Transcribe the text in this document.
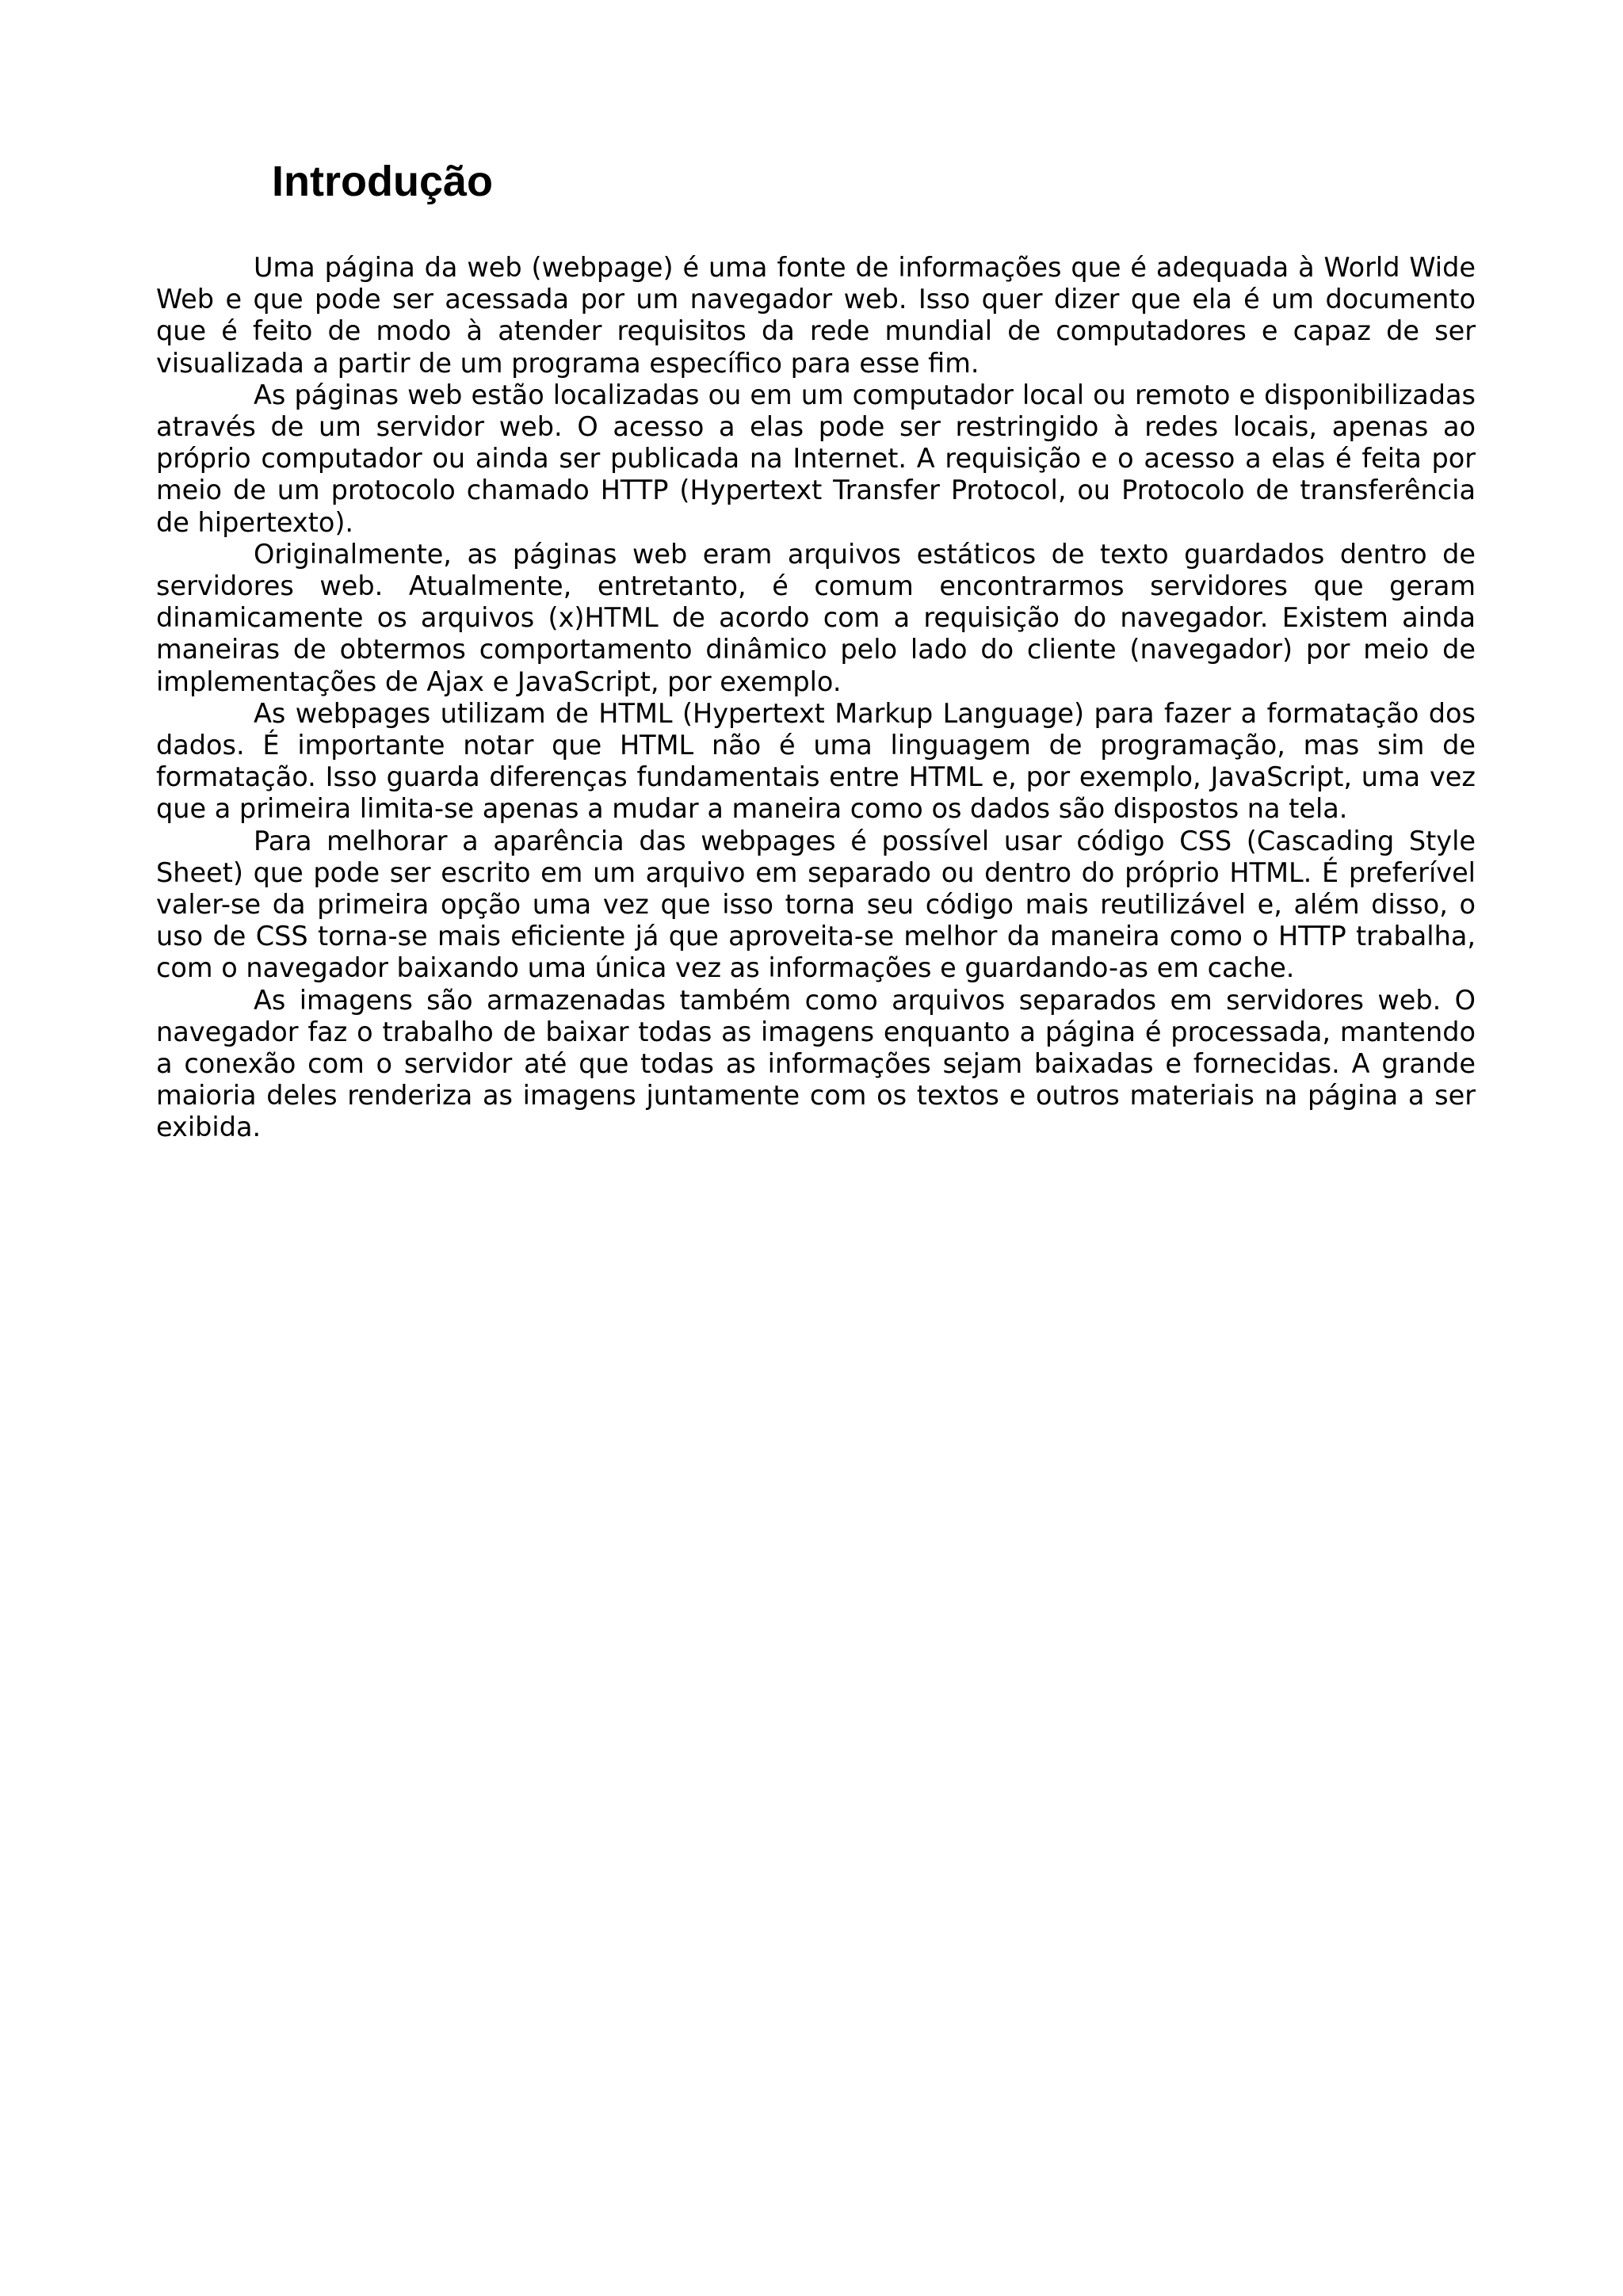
Introdução

Uma página da web (webpage) é uma fonte de informações que é adequada à World Wide Web e que pode ser acessada por um navegador web. Isso quer dizer que ela é um documento que é feito de modo à atender requisitos da rede mundial de computadores e capaz de ser visualizada a partir de um programa específico para esse fim.

As páginas web estão localizadas ou em um computador local ou remoto e disponibilizadas através de um servidor web. O acesso a elas pode ser restringido à redes locais, apenas ao próprio computador ou ainda ser publicada na Internet. A requisição e o acesso a elas é feita por meio de um protocolo chamado HTTP (Hypertext Transfer Protocol, ou Protocolo de transferência de hipertexto).

Originalmente, as páginas web eram arquivos estáticos de texto guardados dentro de servidores web. Atualmente, entretanto, é comum encontrarmos servidores que geram dinamicamente os arquivos (x)HTML de acordo com a requisição do navegador. Existem ainda maneiras de obtermos comportamento dinâmico pelo lado do cliente (navegador) por meio de implementações de Ajax e JavaScript, por exemplo.

As webpages utilizam de HTML (Hypertext Markup Language) para fazer a formatação dos dados. É importante notar que HTML não é uma linguagem de programação, mas sim de formatação. Isso guarda diferenças fundamentais entre HTML e, por exemplo, JavaScript, uma vez que a primeira limita-se apenas a mudar a maneira como os dados são dispostos na tela.

Para melhorar a aparência das webpages é possível usar código CSS (Cascading Style Sheet) que pode ser escrito em um arquivo em separado ou dentro do próprio HTML. É preferível valer-se da primeira opção uma vez que isso torna seu código mais reutilizável e, além disso, o uso de CSS torna-se mais eficiente já que aproveita-se melhor da maneira como o HTTP trabalha, com o navegador baixando uma única vez as informações e guardando-as em cache.

As imagens são armazenadas também como arquivos separados em servidores web. O navegador faz o trabalho de baixar todas as imagens enquanto a página é processada, mantendo a conexão com o servidor até que todas as informações sejam baixadas e fornecidas. A grande maioria deles renderiza as imagens juntamente com os textos e outros materiais na página a ser exibida.
